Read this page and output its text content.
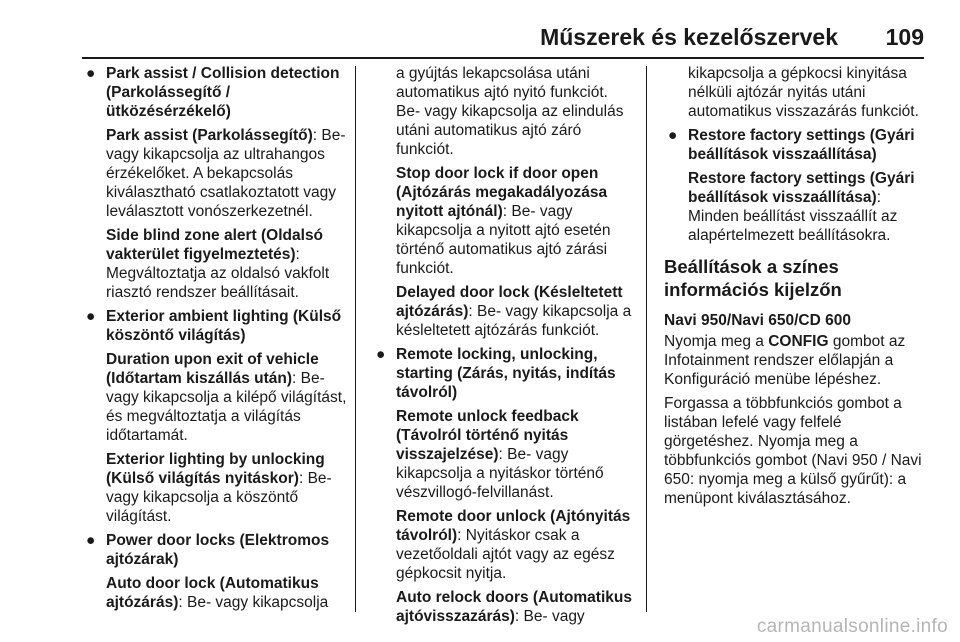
Műszerek és kezelőszervek 109
● Park assist / Collision detection (Parkolássegítő / ütközésérzékelő)

Park assist (Parkolássegítő): Be- vagy kikapcsolja az ultrahangos érzékelőket. A bekapcsolás kiválasztható csatlakoztatott vagy leválasztott vonószerkezetnél.

Side blind zone alert (Oldalsó vakterület figyelmeztetés): Megváltoztatja az oldalsó vakfolt riasztó rendszer beállításait.

● Exterior ambient lighting (Külső köszöntő világítás)

Duration upon exit of vehicle (Időtartam kiszállás után): Be- vagy kikapcsolja a kilépő világítást, és megváltoztatja a világítás időtartamát.

Exterior lighting by unlocking (Külső világítás nyitáskor): Be- vagy kikapcsolja a köszöntő világítást.

● Power door locks (Elektromos ajtózárak)

Auto door lock (Automatikus ajtózárás): Be- vagy kikapcsolja

a gyújtás lekapcsolása utáni automatikus ajtó nyitó funkciót. Be- vagy kikapcsolja az elindulás utáni automatikus ajtó záró funkciót.

Stop door lock if door open (Ajtózárás megakadályozása nyitott ajtónál): Be- vagy kikapcsolja a nyitott ajtó esetén történő automatikus ajtó zárási funkciót.

Delayed door lock (Késleltetett ajtózárás): Be- vagy kikapcsolja a késleltetett ajtózárás funkciót.

● Remote locking, unlocking, starting (Zárás, nyitás, indítás távolról)

Remote unlock feedback (Távolról történő nyitás visszajelzése): Be- vagy kikapcsolja a nyitáskor történő vészvillogó-felvillanást.

Remote door unlock (Ajtónyitás távolról): Nyitáskor csak a vezetőoldali ajtót vagy az egész gépkocsit nyitja.

Auto relock doors (Automatikus ajtóvisszazárás): Be- vagy

kikapcsolja a gépkocsi kinyitása nélküli ajtózár nyitás utáni automatikus visszazárás funkciót.

● Restore factory settings (Gyári beállítások visszaállítása)

Restore factory settings (Gyári beállítások visszaállítása): Minden beállítást visszaállít az alapértelmezett beállításokra.

Beállítások a színes információs kijelzőn

Navi 950/Navi 650/CD 600

Nyomja meg a CONFIG gombot az Infotainment rendszer előlapján a Konfiguráció menübe lépéshez.

Forgassa a többfunkciós gombot a listában lefelé vagy felfelé görgetéshez. Nyomja meg a többfunkciós gombot (Navi 950 / Navi 650: nyomja meg a külső gyűrűt): a menüpont kiválasztásához.

carmanualsonline.info
